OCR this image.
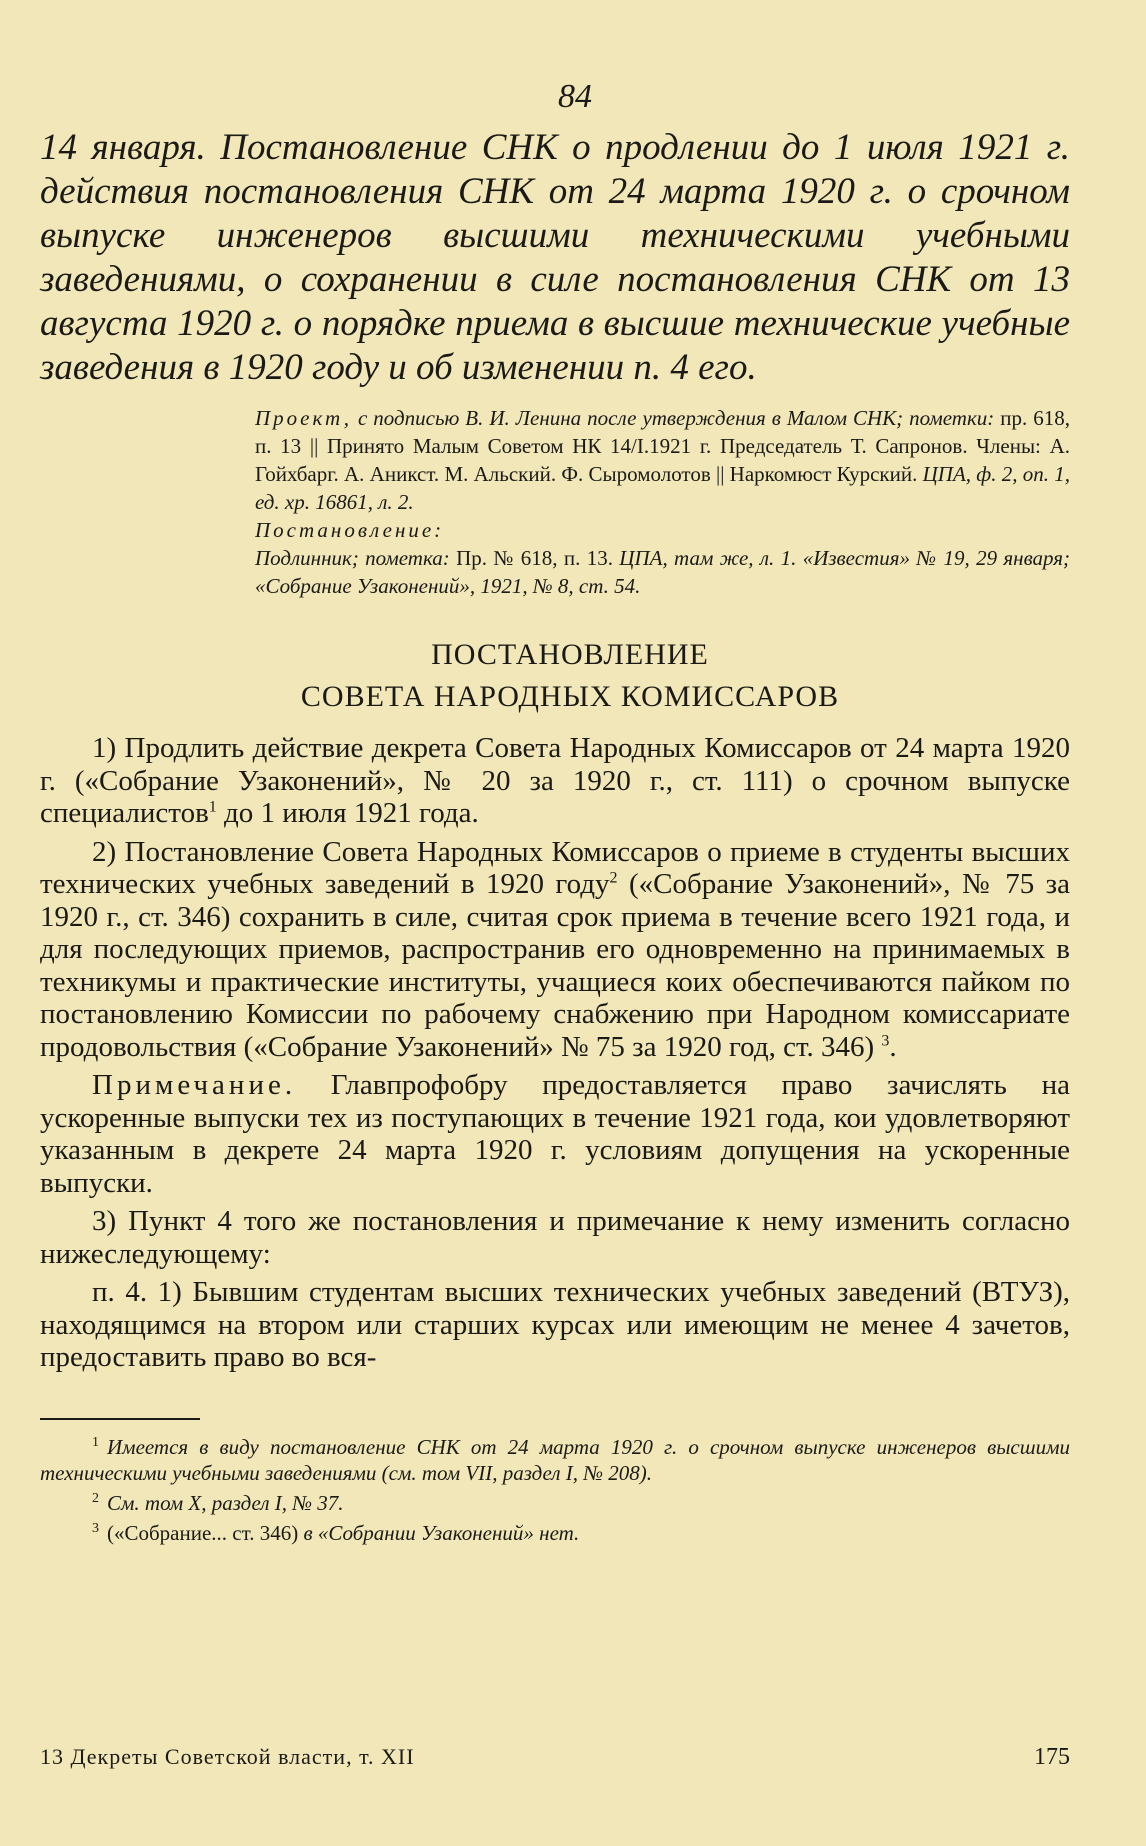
84

14 января. Постановление СНК о продлении до 1 июля 1921 г. действия постановления СНК от 24 марта 1920 г. о срочном выпуске инженеров высшими техническими учебными заведениями, о сохранении в силе постановления СНК от 13 августа 1920 г. о порядке приема в высшие технические учебные заведения в 1920 году и об изменении п. 4 его.

Проект, с подписью В. И. Ленина после утверждения в Малом СНК; пометки: пр. 618, п. 13 || Принято Малым Советом НК 14/I.1921 г. Председатель Т. Сапронов. Члены: А. Гойхбарг. А. Аникст. М. Альский. Ф. Сыромолотов || Наркомюст Курский. ЦПА, ф. 2, оп. 1, ед. хр. 16861, л. 2.

Постановление:

Подлинник; пометка: Пр. № 618, п. 13. ЦПА, там же, л. 1. «Известия» № 19, 29 января; «Собрание Узаконений», 1921, № 8, ст. 54.

ПОСТАНОВЛЕНИЕ
СОВЕТА НАРОДНЫХ КОМИССАРОВ

1) Продлить действие декрета Совета Народных Комиссаров от 24 марта 1920 г. («Собрание Узаконений», № 20 за 1920 г., ст. 111) о срочном выпуске специалистов$^1$ до 1 июля 1921 года.

2) Постановление Совета Народных Комиссаров о приеме в студенты высших технических учебных заведений в 1920 году$^2$ («Собрание Узаконений», № 75 за 1920 г., ст. 346) сохранить в силе, считая срок приема в течение всего 1921 года, и для последующих приемов, распространив его одновременно на принимаемых в техникумы и практические институты, учащиеся коих обеспечиваются пайком по постановлению Комиссии по рабочему снабжению при Народном комиссариате продовольствия («Собрание Узаконений» № 75 за 1920 год, ст. 346) $^3$.

Примечание. Главпрофобру предоставляется право зачислять на ускоренные выпуски тех из поступающих в течение 1921 года, кои удовлетворяют указанным в декрете 24 марта 1920 г. условиям допущения на ускоренные выпуски.

3) Пункт 4 того же постановления и примечание к нему изменить согласно нижеследующему:

п. 4. 1) Бывшим студентам высших технических учебных заведений (ВТУЗ), находящимся на втором или старших курсах или имеющим не менее 4 зачетов, предоставить право во вся-

$^1$ Имеется в виду постановление СНК от 24 марта 1920 г. о срочном выпуске инженеров высшими техническими учебными заведениями (см. том VII, раздел I, № 208).

$^2$ См. том X, раздел I, № 37.

$^3$ («Собрание... ст. 346) в «Собрании Узаконений» нет.

13 Декреты Советской власти, т. XII	175
